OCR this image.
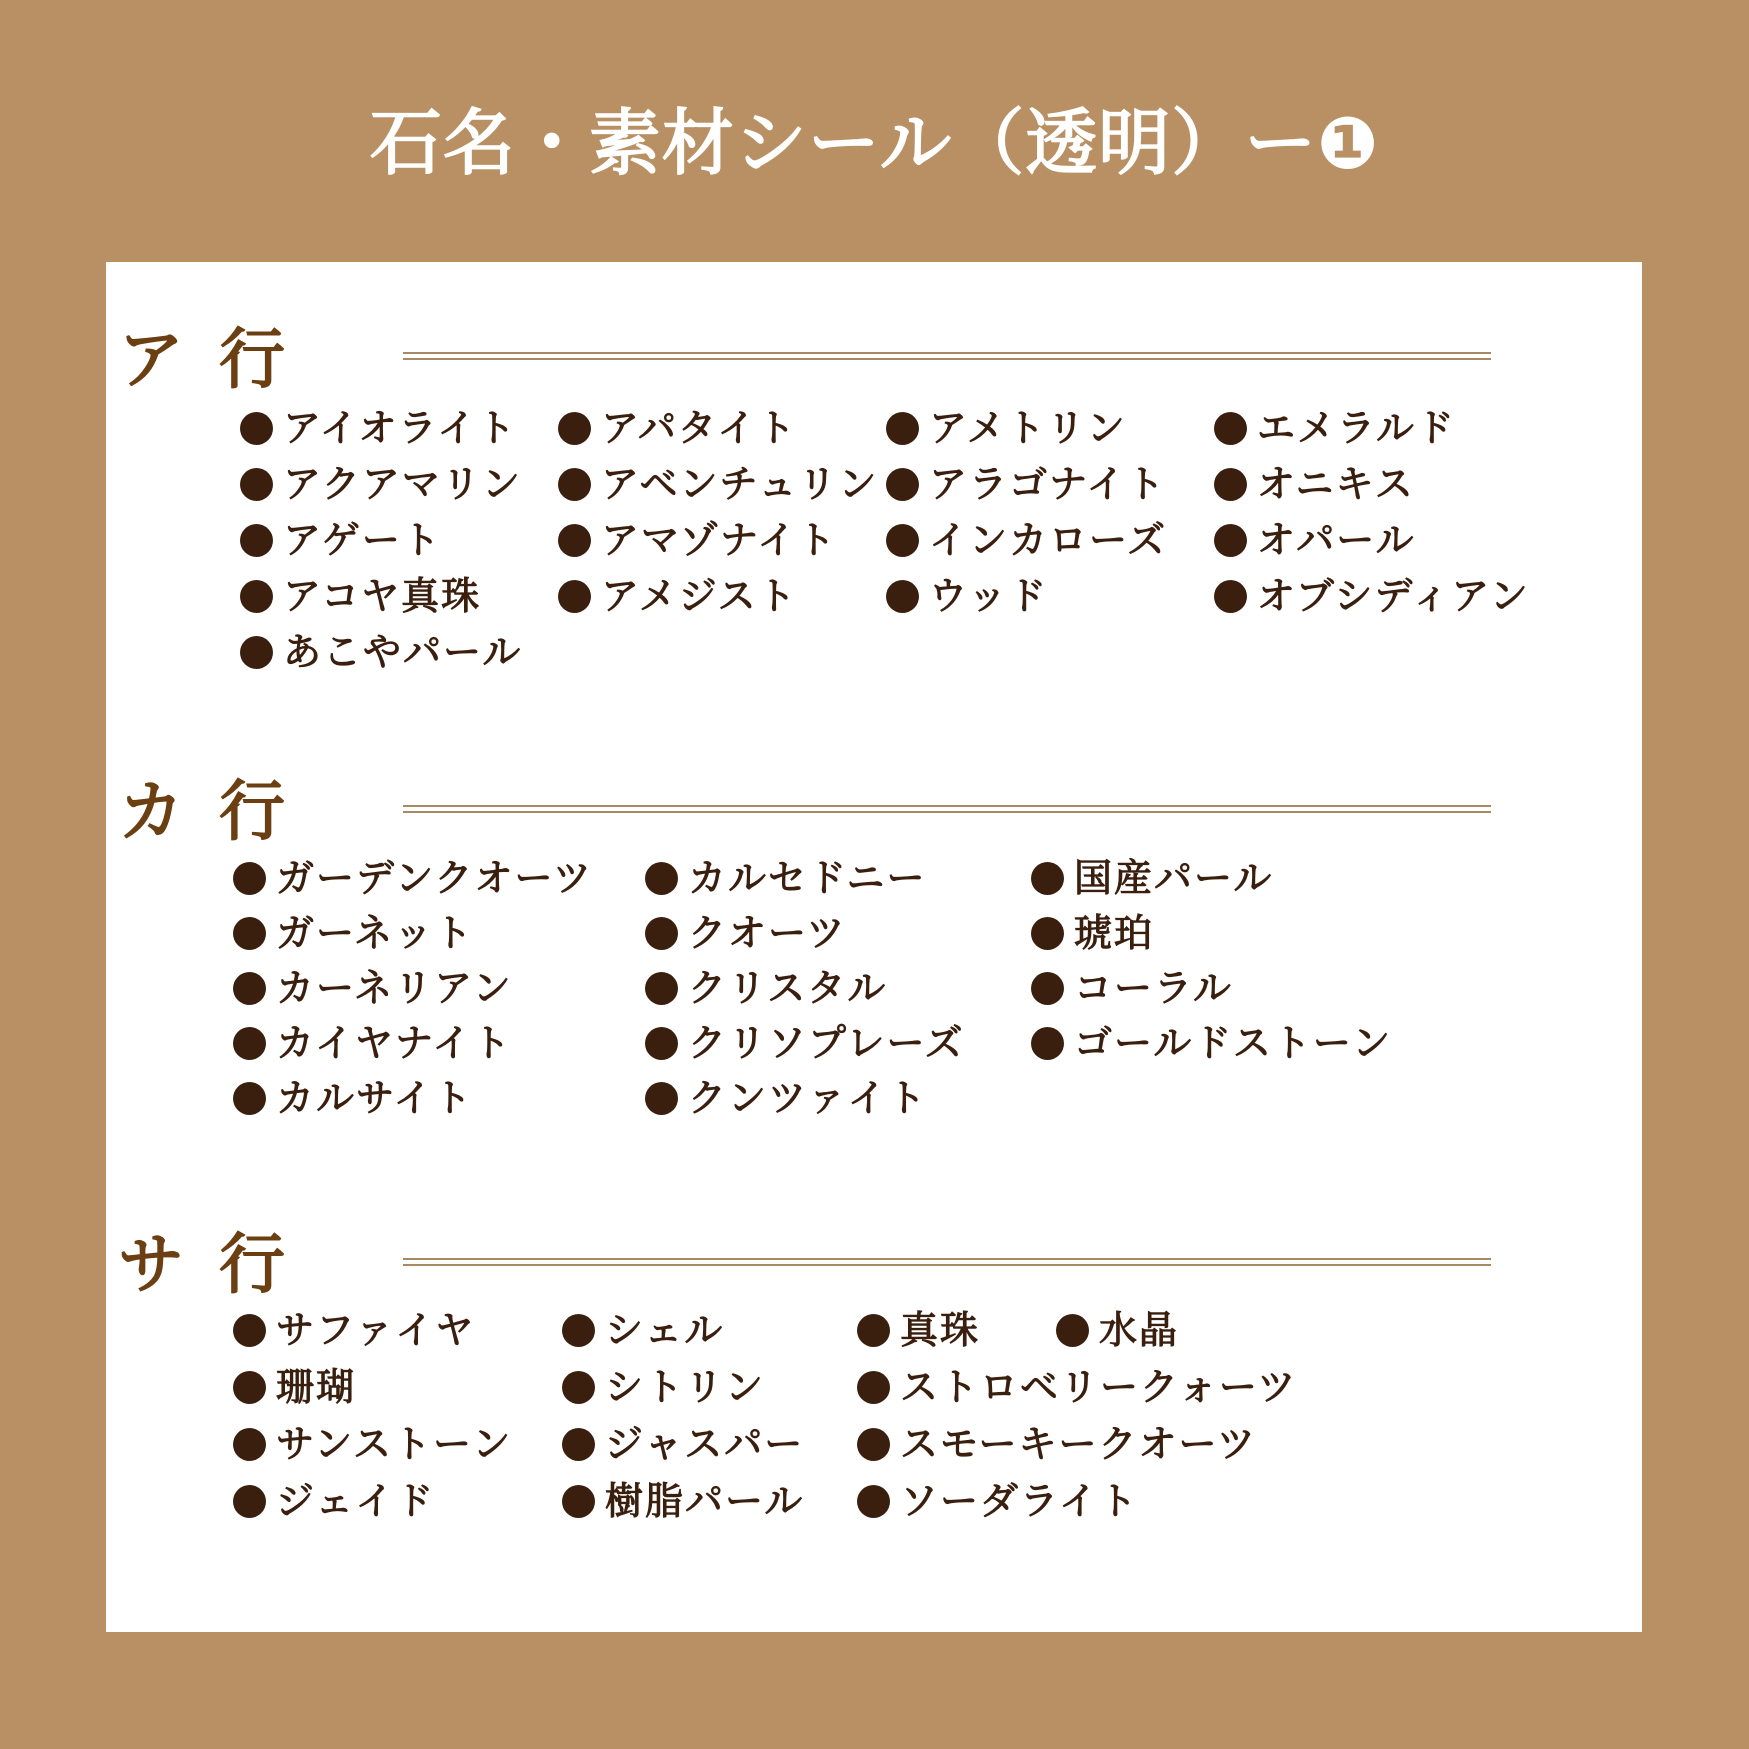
石名・素材シール（透明）ー❶
ア 行
アイオライト
アクアマリン
アゲート
アコヤ真珠
あこやパール
アパタイト
アベンチュリン
アマゾナイト
アメジスト
アメトリン
アラゴナイト
インカローズ
ウッド
エメラルド
オニキス
オパール
オブシディアン
カ 行
ガーデンクオーツ
ガーネット
カーネリアン
カイヤナイト
カルサイト
カルセドニー
クオーツ
クリスタル
クリソプレーズ
クンツァイト
国産パール
琥珀
コーラル
ゴールドストーン
サ 行
サファイヤ
珊瑚
サンストーン
ジェイド
シェル
シトリン
ジャスパー
樹脂パール
真珠	水晶
ストロベリークォーツ
スモーキークオーツ
ソーダライト
